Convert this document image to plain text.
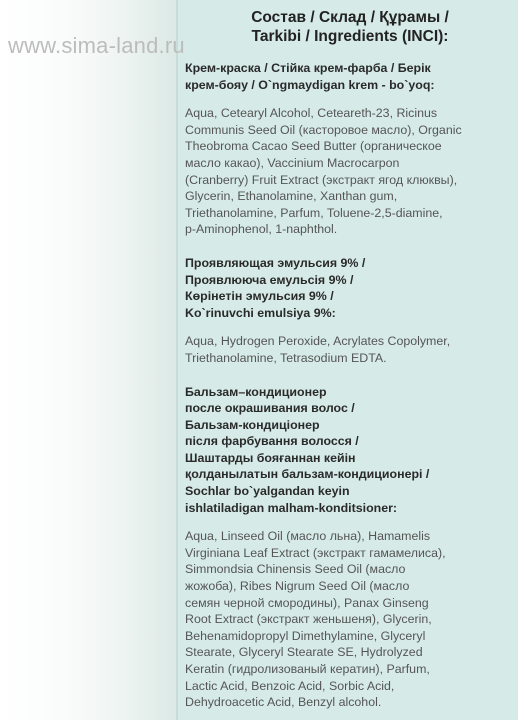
www.sima-land.ru
Состав / Склад / Құрамы /
Tarkibi / Ingredients (INCI):
Крем-краска / Стійка крем-фарба / Берік
крем-бояу / O`ngmaydigan krem - bo`yoq:
Aqua, Cetearyl Alcohol, Ceteareth-23, Ricinus
Communis Seed Oil (касторовое масло), Organic
Theobroma Cacao Seed Butter (органическое
масло какао), Vaccinium Macrocarpon
(Cranberry) Fruit Extract (экстракт ягод клюквы),
Glycerin, Ethanolamine, Xanthan gum,
Triethanolamine, Parfum, Toluene-2,5-diamine,
p-Aminophenol, 1-naphthol.
Проявляющая эмульсия 9% /
Проявлююча емульсія 9% /
Көрінетін эмульсия 9% /
Ko`rinuvchi emulsiya 9%:
Aqua, Hydrogen Peroxide, Acrylates Copolymer,
Triethanolamine, Tetrasodium EDTA.
Бальзам–кондиционер
после окрашивания волос /
Бальзам-кондиціонер
після фарбування волосся /
Шаштарды бояғаннан кейін
қолданылатын бальзам-кондиционері /
Sochlar bo`yalgandan keyin
ishlatiladigan malham-konditsioner:
Aqua, Linseed Oil (масло льна), Hamamelis
Virginiana Leaf Extract (экстракт гамамелиса),
Simmondsia Chinensis Seed Oil (масло
жожоба), Ribes Nigrum Seed Oil (масло
семян черной смородины), Panax Ginseng
Root Extract (экстракт женьшеня), Glycerin,
Behenamidopropyl Dimethylamine, Glyceryl
Stearate, Glyceryl Stearate SE, Hydrolyzed
Keratin (гидролизованый кератин), Parfum,
Lactic Acid, Benzoic Acid, Sorbic Acid,
Dehydroacetic Acid, Benzyl alcohol.
